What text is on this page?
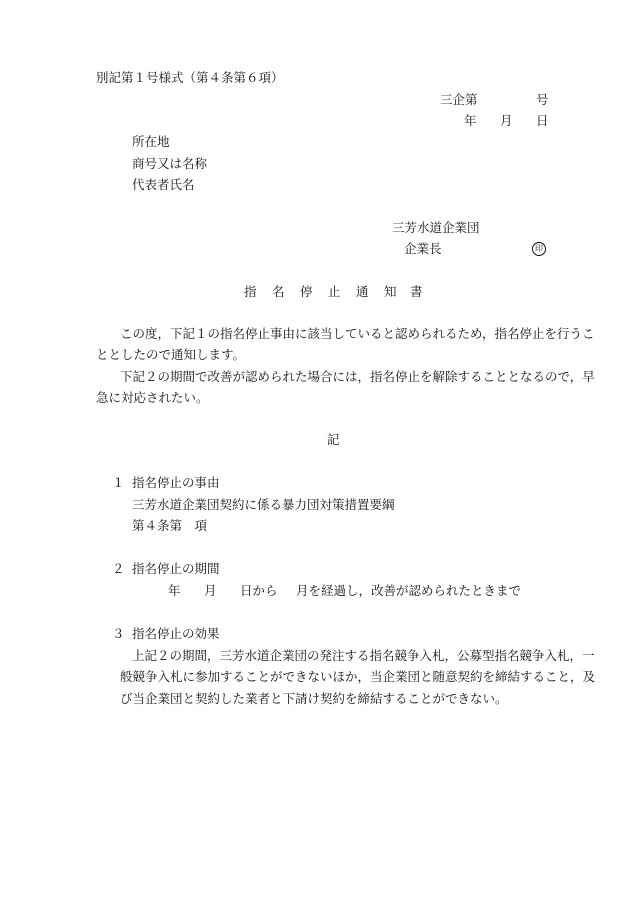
別記第１号様式（第４条第６項）
三企第	号
年 月 日
所在地
商号又は名称
代表者氏名
三芳水道企業団
企業長	印
指 名 停 止 通 知 書
この度，下記１の指名停止事由に該当していると認められるため，指名停止を行うこ
ととしたので通知します。
下記２の期間で改善が認められた場合には，指名停止を解除することとなるので，早
急に対応されたい。
記
１ 指名停止の事由
三芳水道企業団契約に係る暴力団対策措置要綱
第４条第　項
２ 指名停止の期間
年 月 日から 月を経過し，改善が認められたときまで
３ 指名停止の効果
上記２の期間，三芳水道企業団の発注する指名競争入札，公募型指名競争入札，一
般競争入札に参加することができないほか，当企業団と随意契約を締結すること，及
び当企業団と契約した業者と下請け契約を締結することができない。
